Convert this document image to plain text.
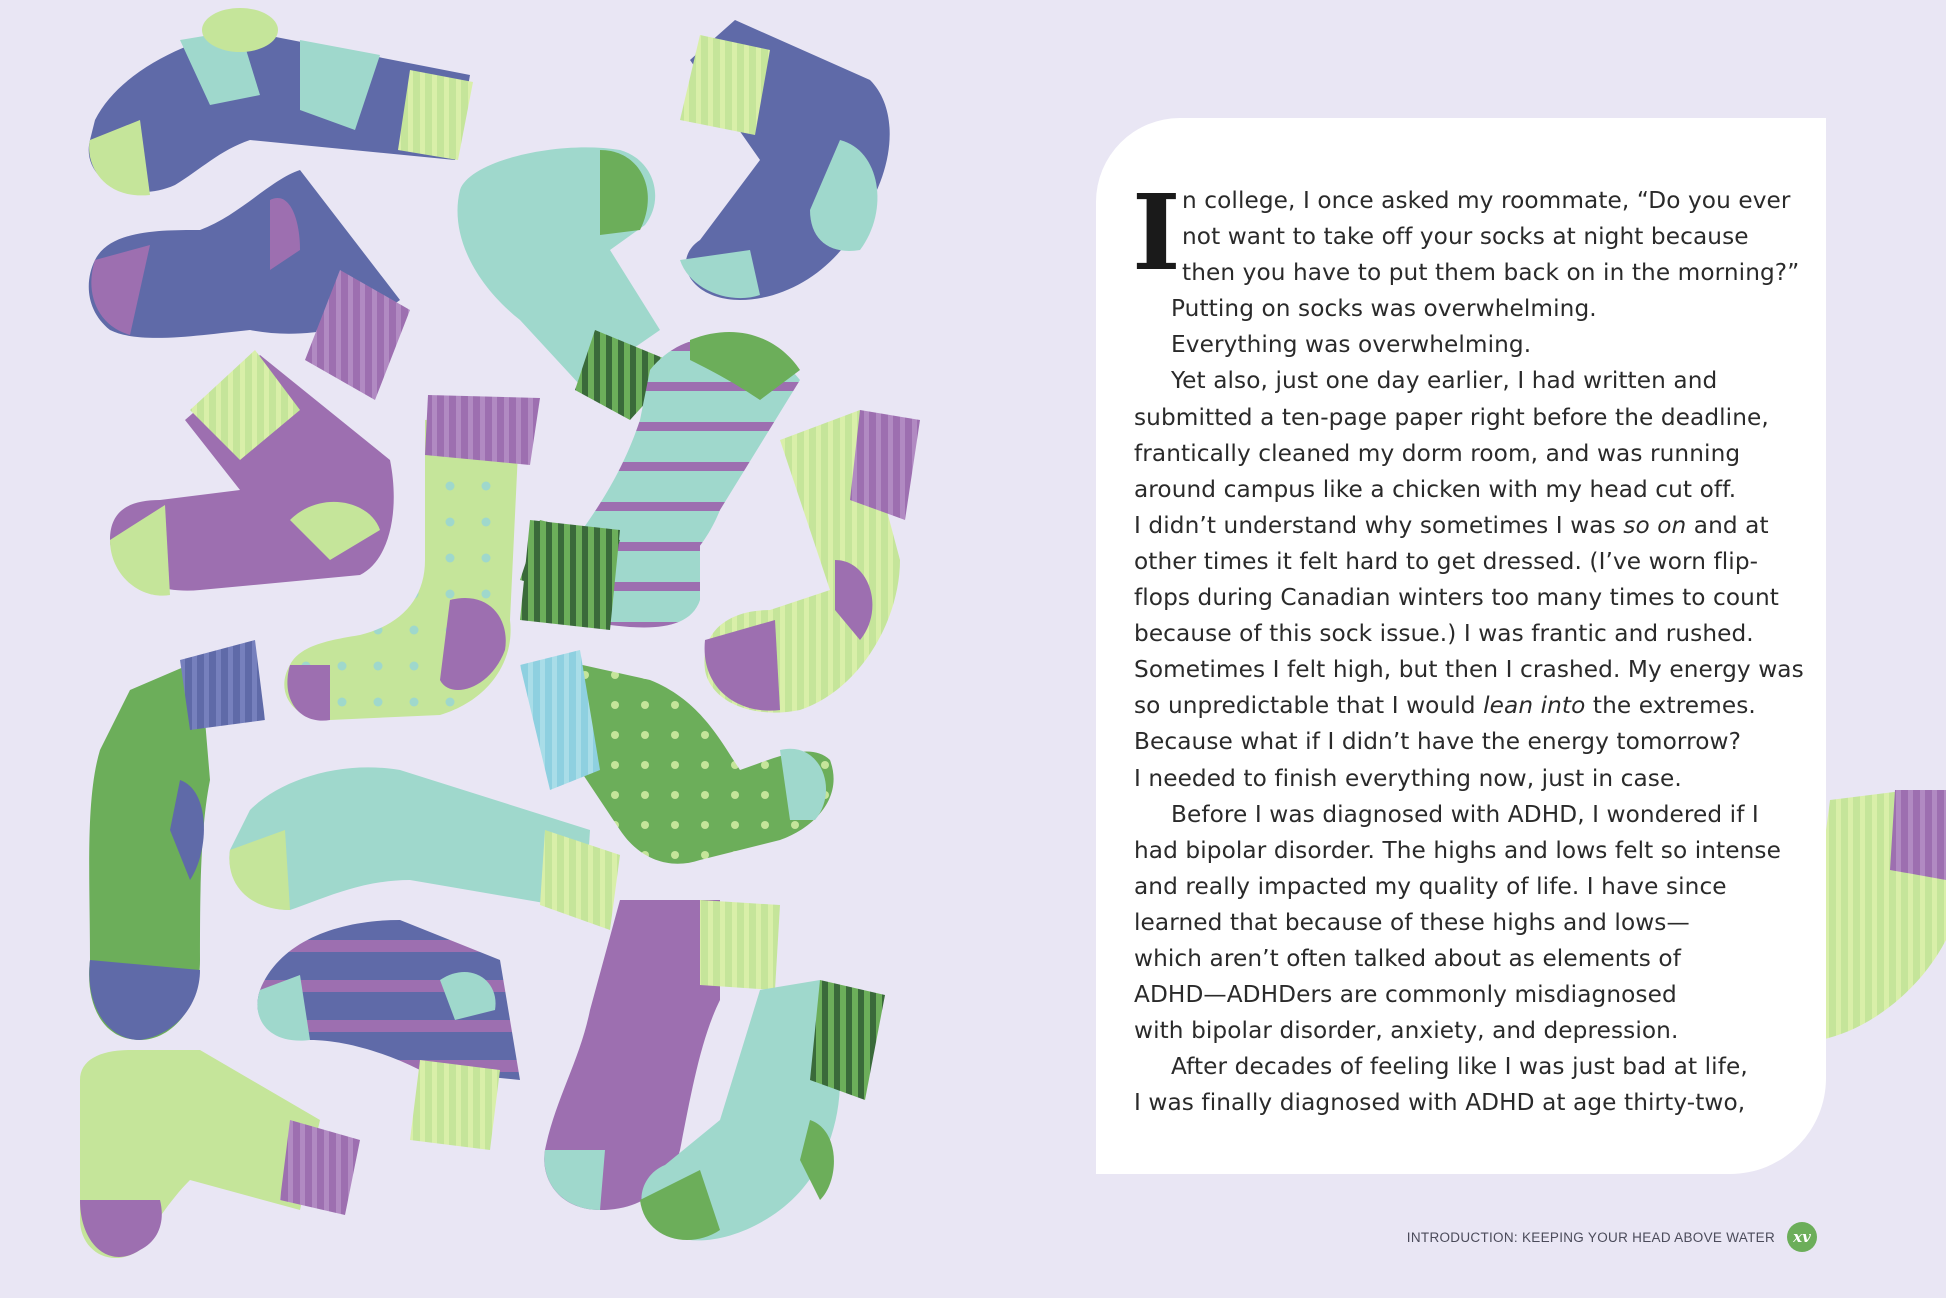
I n college, I once asked my roommate, “Do you ever
not want to take off your socks at night because
then you have to put them back on in the morning?”
Putting on socks was overwhelming.
Everything was overwhelming.
Yet also, just one day earlier, I had written and
submitted a ten-page paper right before the deadline,
frantically cleaned my dorm room, and was running
around campus like a chicken with my head cut off.
I didn’t understand why sometimes I was so on and at
other times it felt hard to get dressed. (I’ve worn flip-
flops during Canadian winters too many times to count
because of this sock issue.) I was frantic and rushed.
Sometimes I felt high, but then I crashed. My energy was
so unpredictable that I would lean into the extremes.
Because what if I didn’t have the energy tomorrow?
I needed to finish everything now, just in case.
Before I was diagnosed with ADHD, I wondered if I
had bipolar disorder. The highs and lows felt so intense
and really impacted my quality of life. I have since
learned that because of these highs and lows—
which aren’t often talked about as elements of
ADHD—ADHDers are commonly misdiagnosed
with bipolar disorder, anxiety, and depression.
After decades of feeling like I was just bad at life,
I was finally diagnosed with ADHD at age thirty-two,
INTRODUCTION: KEEPING YOUR HEAD ABOVE WATER	xv
